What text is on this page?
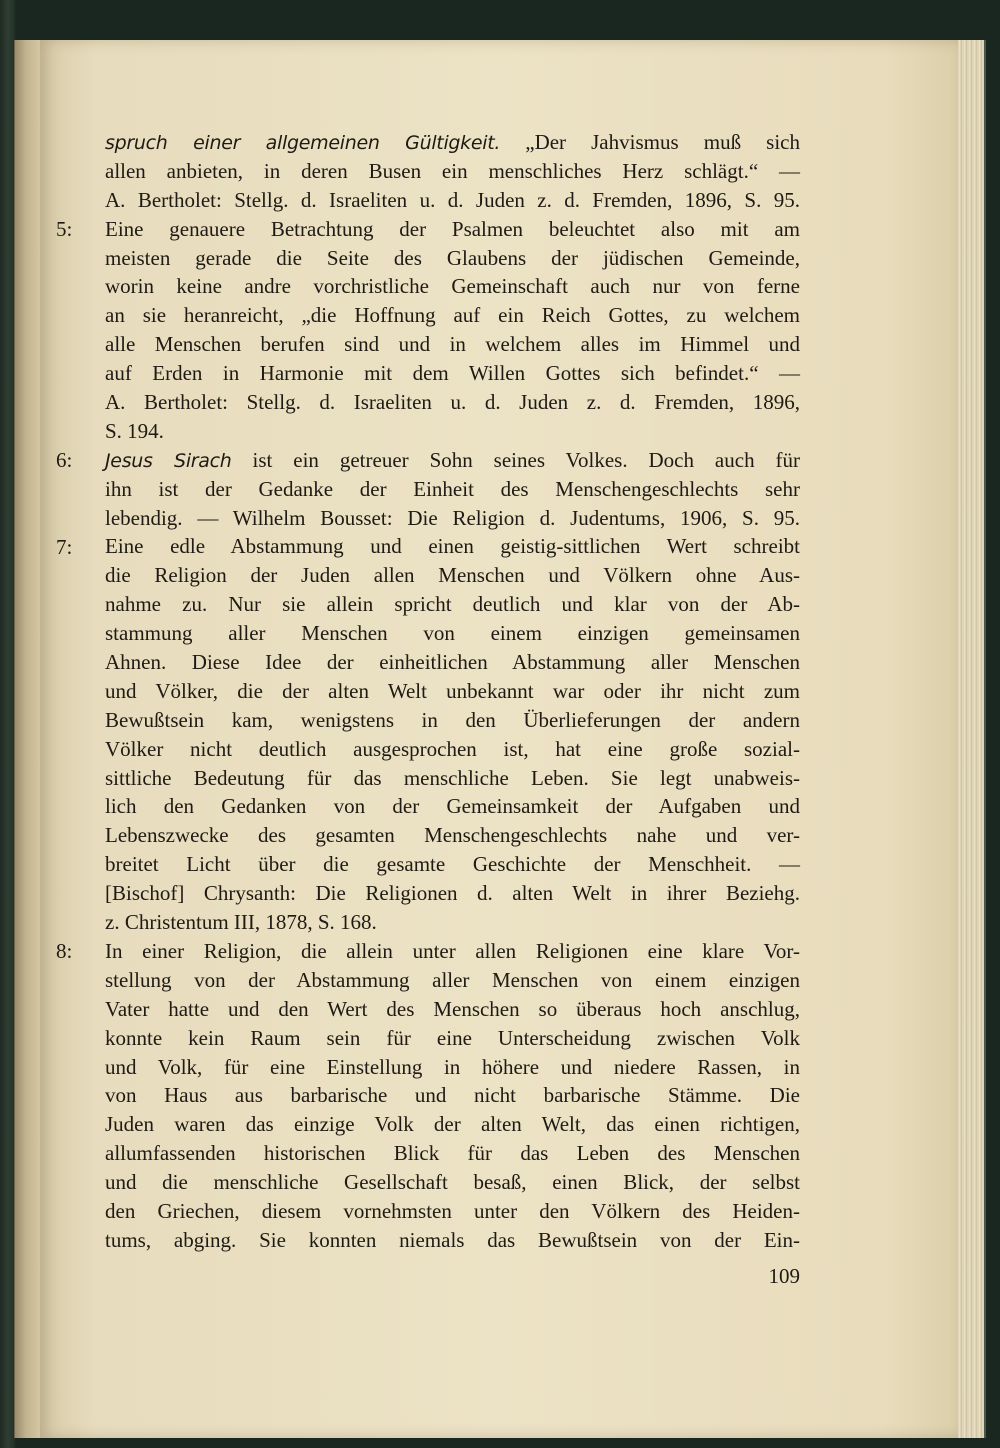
5:
6:
7:
8:
spruch einer allgemeinen Gültigkeit. „Der Jahvismus muß sich
allen anbieten, in deren Busen ein menschliches Herz schlägt.“ —
A. Bertholet: Stellg. d. Israeliten u. d. Juden z. d. Fremden, 1896, S. 95.
Eine genauere Betrachtung der Psalmen beleuchtet also mit am
meisten gerade die Seite des Glaubens der jüdischen Gemeinde,
worin keine andre vorchristliche Gemeinschaft auch nur von ferne
an sie heranreicht, „die Hoffnung auf ein Reich Gottes, zu welchem
alle Menschen berufen sind und in welchem alles im Himmel und
auf Erden in Harmonie mit dem Willen Gottes sich befindet.“ —
A. Bertholet: Stellg. d. Israeliten u. d. Juden z. d. Fremden, 1896,
S. 194.
Jesus Sirach ist ein getreuer Sohn seines Volkes. Doch auch für
ihn ist der Gedanke der Einheit des Menschengeschlechts sehr
lebendig. — Wilhelm Bousset: Die Religion d. Judentums, 1906, S. 95.
Eine edle Abstammung und einen geistig-sittlichen Wert schreibt
die Religion der Juden allen Menschen und Völkern ohne Aus-
nahme zu. Nur sie allein spricht deutlich und klar von der Ab-
stammung aller Menschen von einem einzigen gemeinsamen
Ahnen. Diese Idee der einheitlichen Abstammung aller Menschen
und Völker, die der alten Welt unbekannt war oder ihr nicht zum
Bewußtsein kam, wenigstens in den Überlieferungen der andern
Völker nicht deutlich ausgesprochen ist, hat eine große sozial-
sittliche Bedeutung für das menschliche Leben. Sie legt unabweis-
lich den Gedanken von der Gemeinsamkeit der Aufgaben und
Lebenszwecke des gesamten Menschengeschlechts nahe und ver-
breitet Licht über die gesamte Geschichte der Menschheit. —
[Bischof] Chrysanth: Die Religionen d. alten Welt in ihrer Beziehg.
z. Christentum III, 1878, S. 168.
In einer Religion, die allein unter allen Religionen eine klare Vor-
stellung von der Abstammung aller Menschen von einem einzigen
Vater hatte und den Wert des Menschen so überaus hoch anschlug,
konnte kein Raum sein für eine Unterscheidung zwischen Volk
und Volk, für eine Einstellung in höhere und niedere Rassen, in
von Haus aus barbarische und nicht barbarische Stämme. Die
Juden waren das einzige Volk der alten Welt, das einen richtigen,
allumfassenden historischen Blick für das Leben des Menschen
und die menschliche Gesellschaft besaß, einen Blick, der selbst
den Griechen, diesem vornehmsten unter den Völkern des Heiden-
tums, abging. Sie konnten niemals das Bewußtsein von der Ein-
109
